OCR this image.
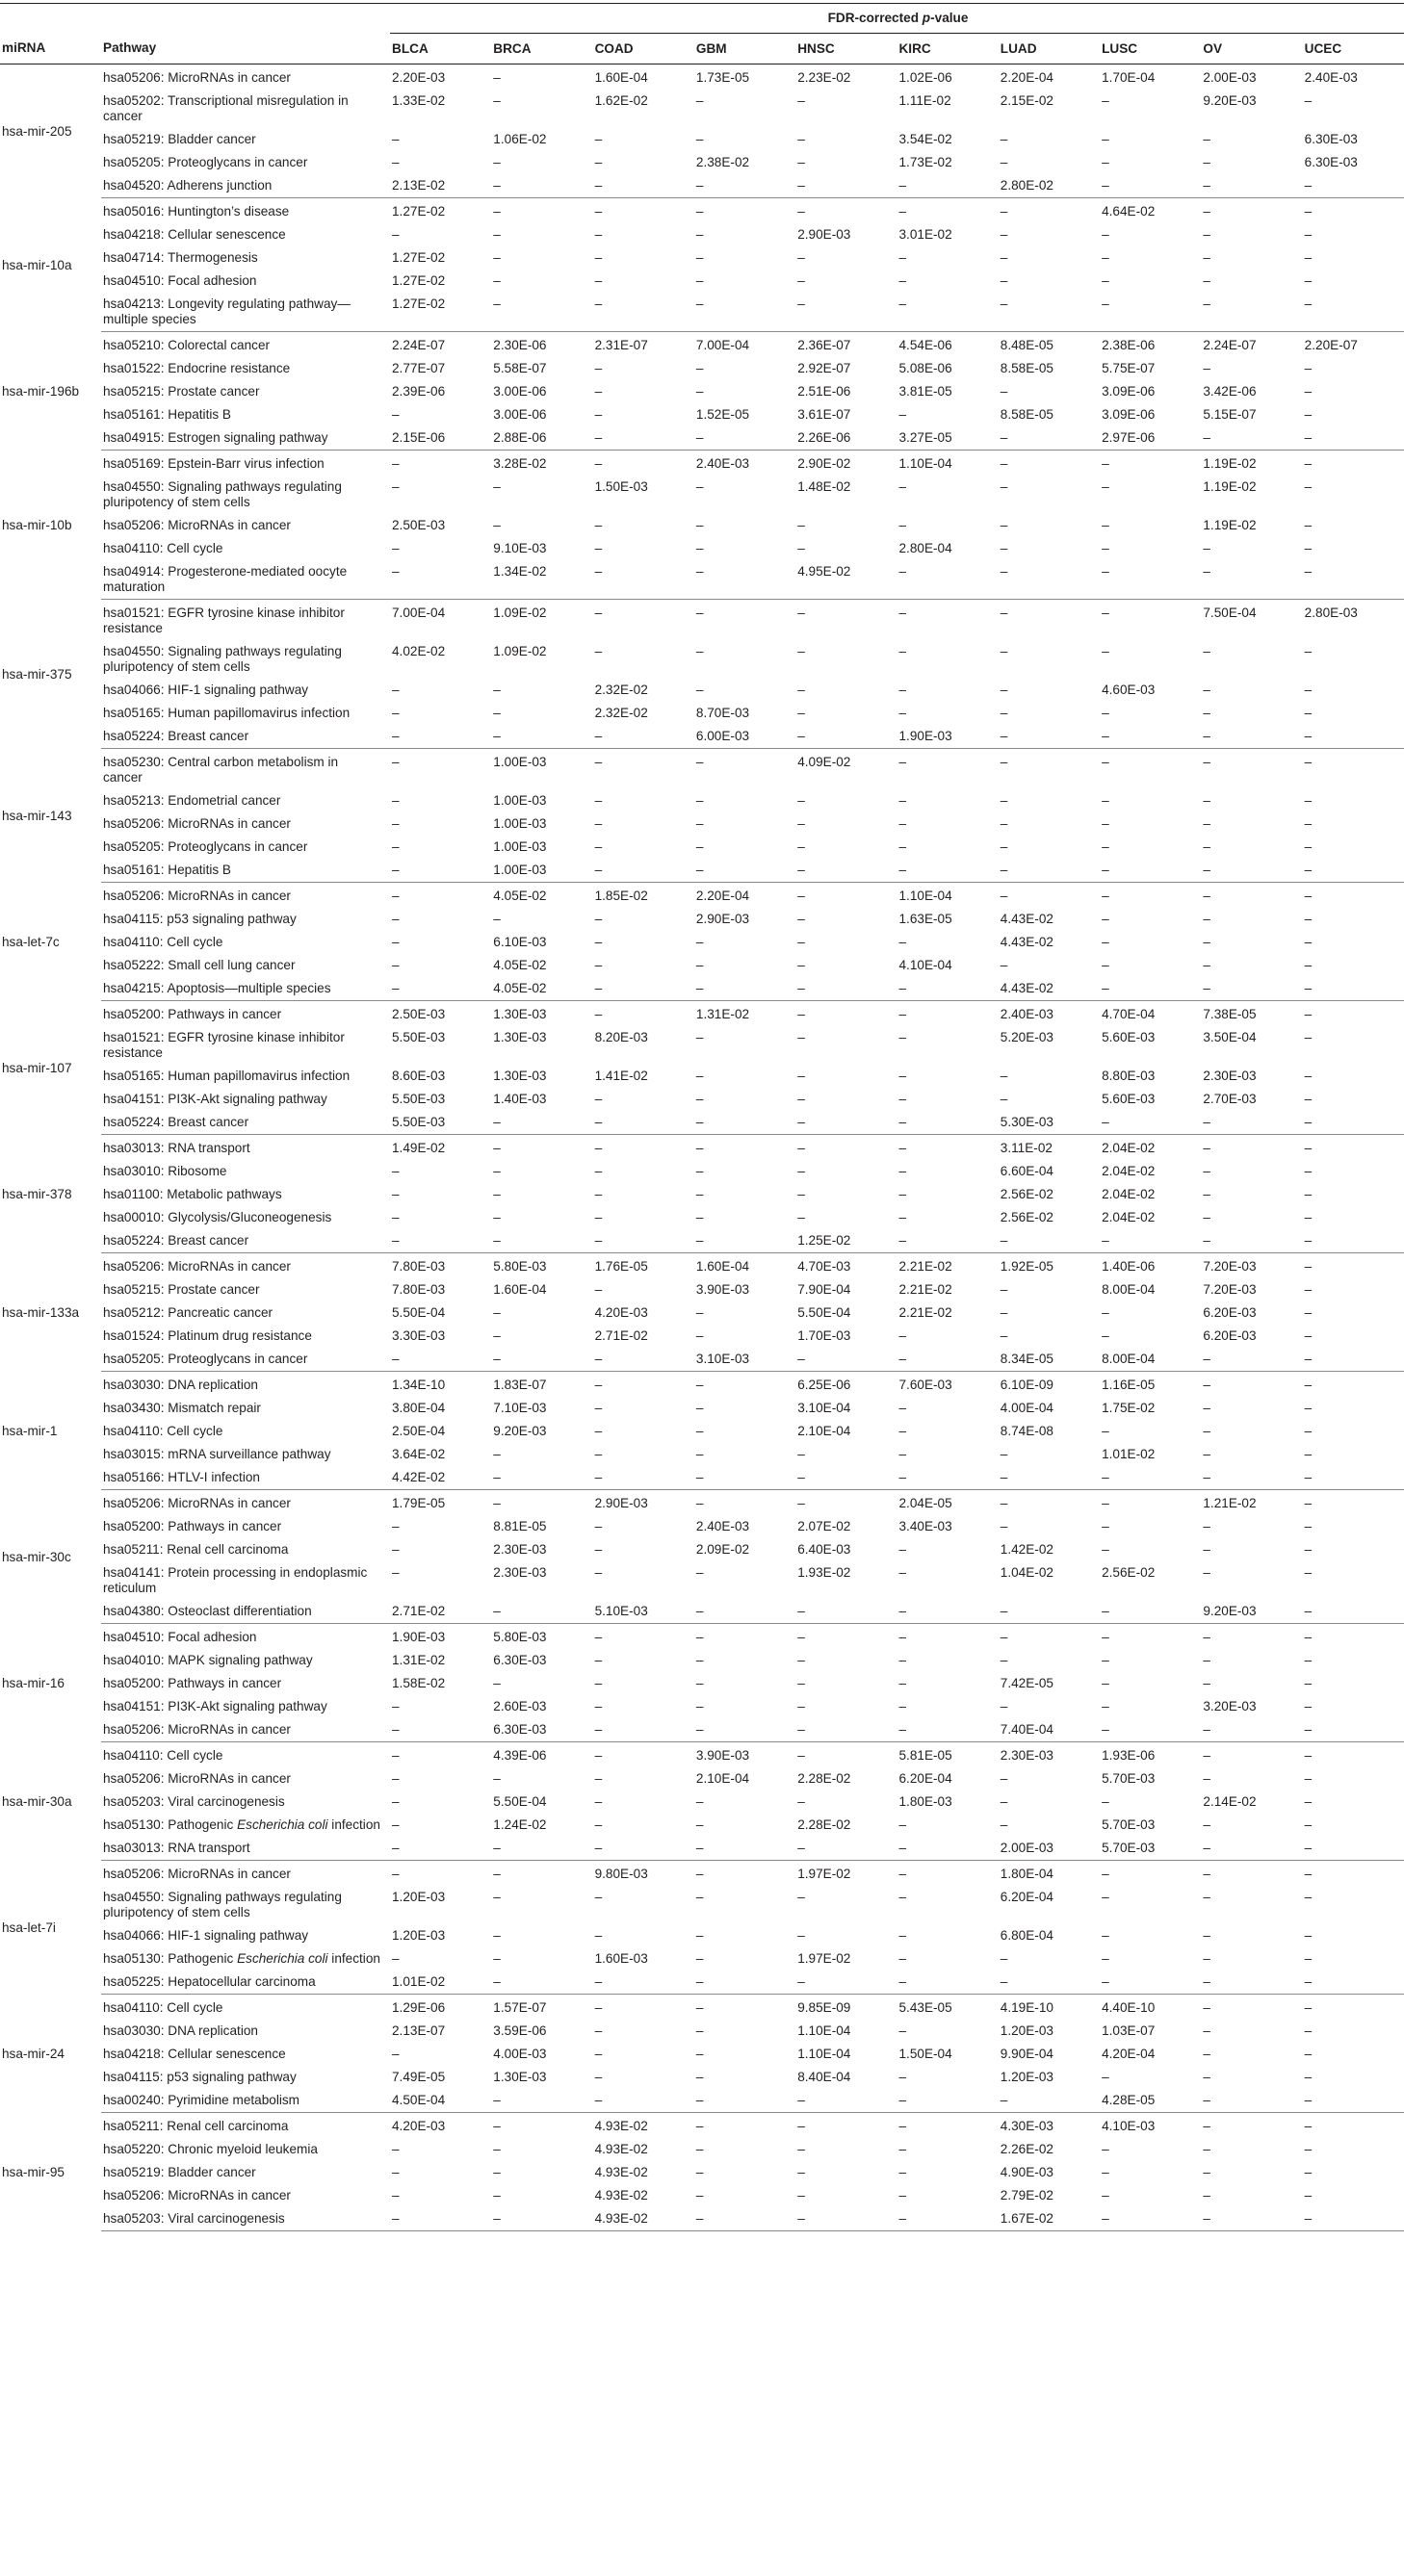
		FDR-corrected p-value									
miRNA	Pathway	BLCA	BRCA	COAD	GBM	HNSC	KIRC	LUAD	LUSC	OV	UCEC
hsa-mir-205	hsa05206: MicroRNAs in cancer	2.20E-03	–	1.60E-04	1.73E-05	2.23E-02	1.02E-06	2.20E-04	1.70E-04	2.00E-03	2.40E-03
	hsa05202: Transcriptional misregulation in cancer	1.33E-02	–	1.62E-02	–	–	1.11E-02	2.15E-02	–	9.20E-03	–
	hsa05219: Bladder cancer	–	1.06E-02	–	–	–	3.54E-02	–	–	–	6.30E-03
	hsa05205: Proteoglycans in cancer	–	–	–	2.38E-02	–	1.73E-02	–	–	–	6.30E-03
	hsa04520: Adherens junction	2.13E-02	–	–	–	–	–	2.80E-02	–	–	–
hsa-mir-10a	hsa05016: Huntington’s disease	1.27E-02	–	–	–	–	–	–	4.64E-02	–	–
	hsa04218: Cellular senescence	–	–	–	–	2.90E-03	3.01E-02	–	–	–	–
	hsa04714: Thermogenesis	1.27E-02	–	–	–	–	–	–	–	–	–
	hsa04510: Focal adhesion	1.27E-02	–	–	–	–	–	–	–	–	–
	hsa04213: Longevity regulating pathway—multiple species	1.27E-02	–	–	–	–	–	–	–	–	–
hsa-mir-196b	hsa05210: Colorectal cancer	2.24E-07	2.30E-06	2.31E-07	7.00E-04	2.36E-07	4.54E-06	8.48E-05	2.38E-06	2.24E-07	2.20E-07
	hsa01522: Endocrine resistance	2.77E-07	5.58E-07	–	–	2.92E-07	5.08E-06	8.58E-05	5.75E-07	–	–
	hsa05215: Prostate cancer	2.39E-06	3.00E-06	–	–	2.51E-06	3.81E-05	–	3.09E-06	3.42E-06	–
	hsa05161: Hepatitis B	–	3.00E-06	–	1.52E-05	3.61E-07	–	8.58E-05	3.09E-06	5.15E-07	–
	hsa04915: Estrogen signaling pathway	2.15E-06	2.88E-06	–	–	2.26E-06	3.27E-05	–	2.97E-06	–	–
hsa-mir-10b	hsa05169: Epstein-Barr virus infection	–	3.28E-02	–	2.40E-03	2.90E-02	1.10E-04	–	–	1.19E-02	–
	hsa04550: Signaling pathways regulating pluripotency of stem cells	–	–	1.50E-03	–	1.48E-02	–	–	–	1.19E-02	–
	hsa05206: MicroRNAs in cancer	2.50E-03	–	–	–	–	–	–	–	1.19E-02	–
	hsa04110: Cell cycle	–	9.10E-03	–	–	–	2.80E-04	–	–	–	–
	hsa04914: Progesterone-mediated oocyte maturation	–	1.34E-02	–	–	4.95E-02	–	–	–	–	–
hsa-mir-375	hsa01521: EGFR tyrosine kinase inhibitor resistance	7.00E-04	1.09E-02	–	–	–	–	–	–	7.50E-04	2.80E-03
	hsa04550: Signaling pathways regulating pluripotency of stem cells	4.02E-02	1.09E-02	–	–	–	–	–	–	–	–
	hsa04066: HIF-1 signaling pathway	–	–	2.32E-02	–	–	–	–	4.60E-03	–	–
	hsa05165: Human papillomavirus infection	–	–	2.32E-02	8.70E-03	–	–	–	–	–	–
	hsa05224: Breast cancer	–	–	–	6.00E-03	–	1.90E-03	–	–	–	–
hsa-mir-143	hsa05230: Central carbon metabolism in cancer	–	1.00E-03	–	–	4.09E-02	–	–	–	–	–
	hsa05213: Endometrial cancer	–	1.00E-03	–	–	–	–	–	–	–	–
	hsa05206: MicroRNAs in cancer	–	1.00E-03	–	–	–	–	–	–	–	–
	hsa05205: Proteoglycans in cancer	–	1.00E-03	–	–	–	–	–	–	–	–
	hsa05161: Hepatitis B	–	1.00E-03	–	–	–	–	–	–	–	–
hsa-let-7c	hsa05206: MicroRNAs in cancer	–	4.05E-02	1.85E-02	2.20E-04	–	1.10E-04	–	–	–	–
	hsa04115: p53 signaling pathway	–	–	–	2.90E-03	–	1.63E-05	4.43E-02	–	–	–
	hsa04110: Cell cycle	–	6.10E-03	–	–	–	–	4.43E-02	–	–	–
	hsa05222: Small cell lung cancer	–	4.05E-02	–	–	–	4.10E-04	–	–	–	–
	hsa04215: Apoptosis—multiple species	–	4.05E-02	–	–	–	–	4.43E-02	–	–	–
hsa-mir-107	hsa05200: Pathways in cancer	2.50E-03	1.30E-03	–	1.31E-02	–	–	2.40E-03	4.70E-04	7.38E-05	–
	hsa01521: EGFR tyrosine kinase inhibitor resistance	5.50E-03	1.30E-03	8.20E-03	–	–	–	5.20E-03	5.60E-03	3.50E-04	–
	hsa05165: Human papillomavirus infection	8.60E-03	1.30E-03	1.41E-02	–	–	–	–	8.80E-03	2.30E-03	–
	hsa04151: PI3K-Akt signaling pathway	5.50E-03	1.40E-03	–	–	–	–	–	5.60E-03	2.70E-03	–
	hsa05224: Breast cancer	5.50E-03	–	–	–	–	–	5.30E-03	–	–	–
hsa-mir-378	hsa03013: RNA transport	1.49E-02	–	–	–	–	–	3.11E-02	2.04E-02	–	–
	hsa03010: Ribosome	–	–	–	–	–	–	6.60E-04	2.04E-02	–	–
	hsa01100: Metabolic pathways	–	–	–	–	–	–	2.56E-02	2.04E-02	–	–
	hsa00010: Glycolysis/Gluconeogenesis	–	–	–	–	–	–	2.56E-02	2.04E-02	–	–
	hsa05224: Breast cancer	–	–	–	–	1.25E-02	–	–	–	–	–
hsa-mir-133a	hsa05206: MicroRNAs in cancer	7.80E-03	5.80E-03	1.76E-05	1.60E-04	4.70E-03	2.21E-02	1.92E-05	1.40E-06	7.20E-03	–
	hsa05215: Prostate cancer	7.80E-03	1.60E-04	–	3.90E-03	7.90E-04	2.21E-02	–	8.00E-04	7.20E-03	–
	hsa05212: Pancreatic cancer	5.50E-04	–	4.20E-03	–	5.50E-04	2.21E-02	–	–	6.20E-03	–
	hsa01524: Platinum drug resistance	3.30E-03	–	2.71E-02	–	1.70E-03	–	–	–	6.20E-03	–
	hsa05205: Proteoglycans in cancer	–	–	–	3.10E-03	–	–	8.34E-05	8.00E-04	–	–
hsa-mir-1	hsa03030: DNA replication	1.34E-10	1.83E-07	–	–	6.25E-06	7.60E-03	6.10E-09	1.16E-05	–	–
	hsa03430: Mismatch repair	3.80E-04	7.10E-03	–	–	3.10E-04	–	4.00E-04	1.75E-02	–	–
	hsa04110: Cell cycle	2.50E-04	9.20E-03	–	–	2.10E-04	–	8.74E-08	–	–	–
	hsa03015: mRNA surveillance pathway	3.64E-02	–	–	–	–	–	–	1.01E-02	–	–
	hsa05166: HTLV-I infection	4.42E-02	–	–	–	–	–	–	–	–	–
hsa-mir-30c	hsa05206: MicroRNAs in cancer	1.79E-05	–	2.90E-03	–	–	2.04E-05	–	–	1.21E-02	–
	hsa05200: Pathways in cancer	–	8.81E-05	–	2.40E-03	2.07E-02	3.40E-03	–	–	–	–
	hsa05211: Renal cell carcinoma	–	2.30E-03	–	2.09E-02	6.40E-03	–	1.42E-02	–	–	–
	hsa04141: Protein processing in endoplasmic reticulum	–	2.30E-03	–	–	1.93E-02	–	1.04E-02	2.56E-02	–	–
	hsa04380: Osteoclast differentiation	2.71E-02	–	5.10E-03	–	–	–	–	–	9.20E-03	–
hsa-mir-16	hsa04510: Focal adhesion	1.90E-03	5.80E-03	–	–	–	–	–	–	–	–
	hsa04010: MAPK signaling pathway	1.31E-02	6.30E-03	–	–	–	–	–	–	–	–
	hsa05200: Pathways in cancer	1.58E-02	–	–	–	–	–	7.42E-05	–	–	–
	hsa04151: PI3K-Akt signaling pathway	–	2.60E-03	–	–	–	–	–	–	3.20E-03	–
	hsa05206: MicroRNAs in cancer	–	6.30E-03	–	–	–	–	7.40E-04	–	–	–
hsa-mir-30a	hsa04110: Cell cycle	–	4.39E-06	–	3.90E-03	–	5.81E-05	2.30E-03	1.93E-06	–	–
	hsa05206: MicroRNAs in cancer	–	–	–	2.10E-04	2.28E-02	6.20E-04	–	5.70E-03	–	–
	hsa05203: Viral carcinogenesis	–	5.50E-04	–	–	–	1.80E-03	–	–	2.14E-02	–
	hsa05130: Pathogenic Escherichia coli infection	–	1.24E-02	–	–	2.28E-02	–	–	5.70E-03	–	–
	hsa03013: RNA transport	–	–	–	–	–	–	2.00E-03	5.70E-03	–	–
hsa-let-7i	hsa05206: MicroRNAs in cancer	–	–	9.80E-03	–	1.97E-02	–	1.80E-04	–	–	–
	hsa04550: Signaling pathways regulating pluripotency of stem cells	1.20E-03	–	–	–	–	–	6.20E-04	–	–	–
	hsa04066: HIF-1 signaling pathway	1.20E-03	–	–	–	–	–	6.80E-04	–	–	–
	hsa05130: Pathogenic Escherichia coli infection	–	–	1.60E-03	–	1.97E-02	–	–	–	–	–
	hsa05225: Hepatocellular carcinoma	1.01E-02	–	–	–	–	–	–	–	–	–
hsa-mir-24	hsa04110: Cell cycle	1.29E-06	1.57E-07	–	–	9.85E-09	5.43E-05	4.19E-10	4.40E-10	–	–
	hsa03030: DNA replication	2.13E-07	3.59E-06	–	–	1.10E-04	–	1.20E-03	1.03E-07	–	–
	hsa04218: Cellular senescence	–	4.00E-03	–	–	1.10E-04	1.50E-04	9.90E-04	4.20E-04	–	–
	hsa04115: p53 signaling pathway	7.49E-05	1.30E-03	–	–	8.40E-04	–	1.20E-03	–	–	–
	hsa00240: Pyrimidine metabolism	4.50E-04	–	–	–	–	–	–	4.28E-05	–	–
hsa-mir-95	hsa05211: Renal cell carcinoma	4.20E-03	–	4.93E-02	–	–	–	4.30E-03	4.10E-03	–	–
	hsa05220: Chronic myeloid leukemia	–	–	4.93E-02	–	–	–	2.26E-02	–	–	–
	hsa05219: Bladder cancer	–	–	4.93E-02	–	–	–	4.90E-03	–	–	–
	hsa05206: MicroRNAs in cancer	–	–	4.93E-02	–	–	–	2.79E-02	–	–	–
	hsa05203: Viral carcinogenesis	–	–	4.93E-02	–	–	–	1.67E-02	–	–	–
